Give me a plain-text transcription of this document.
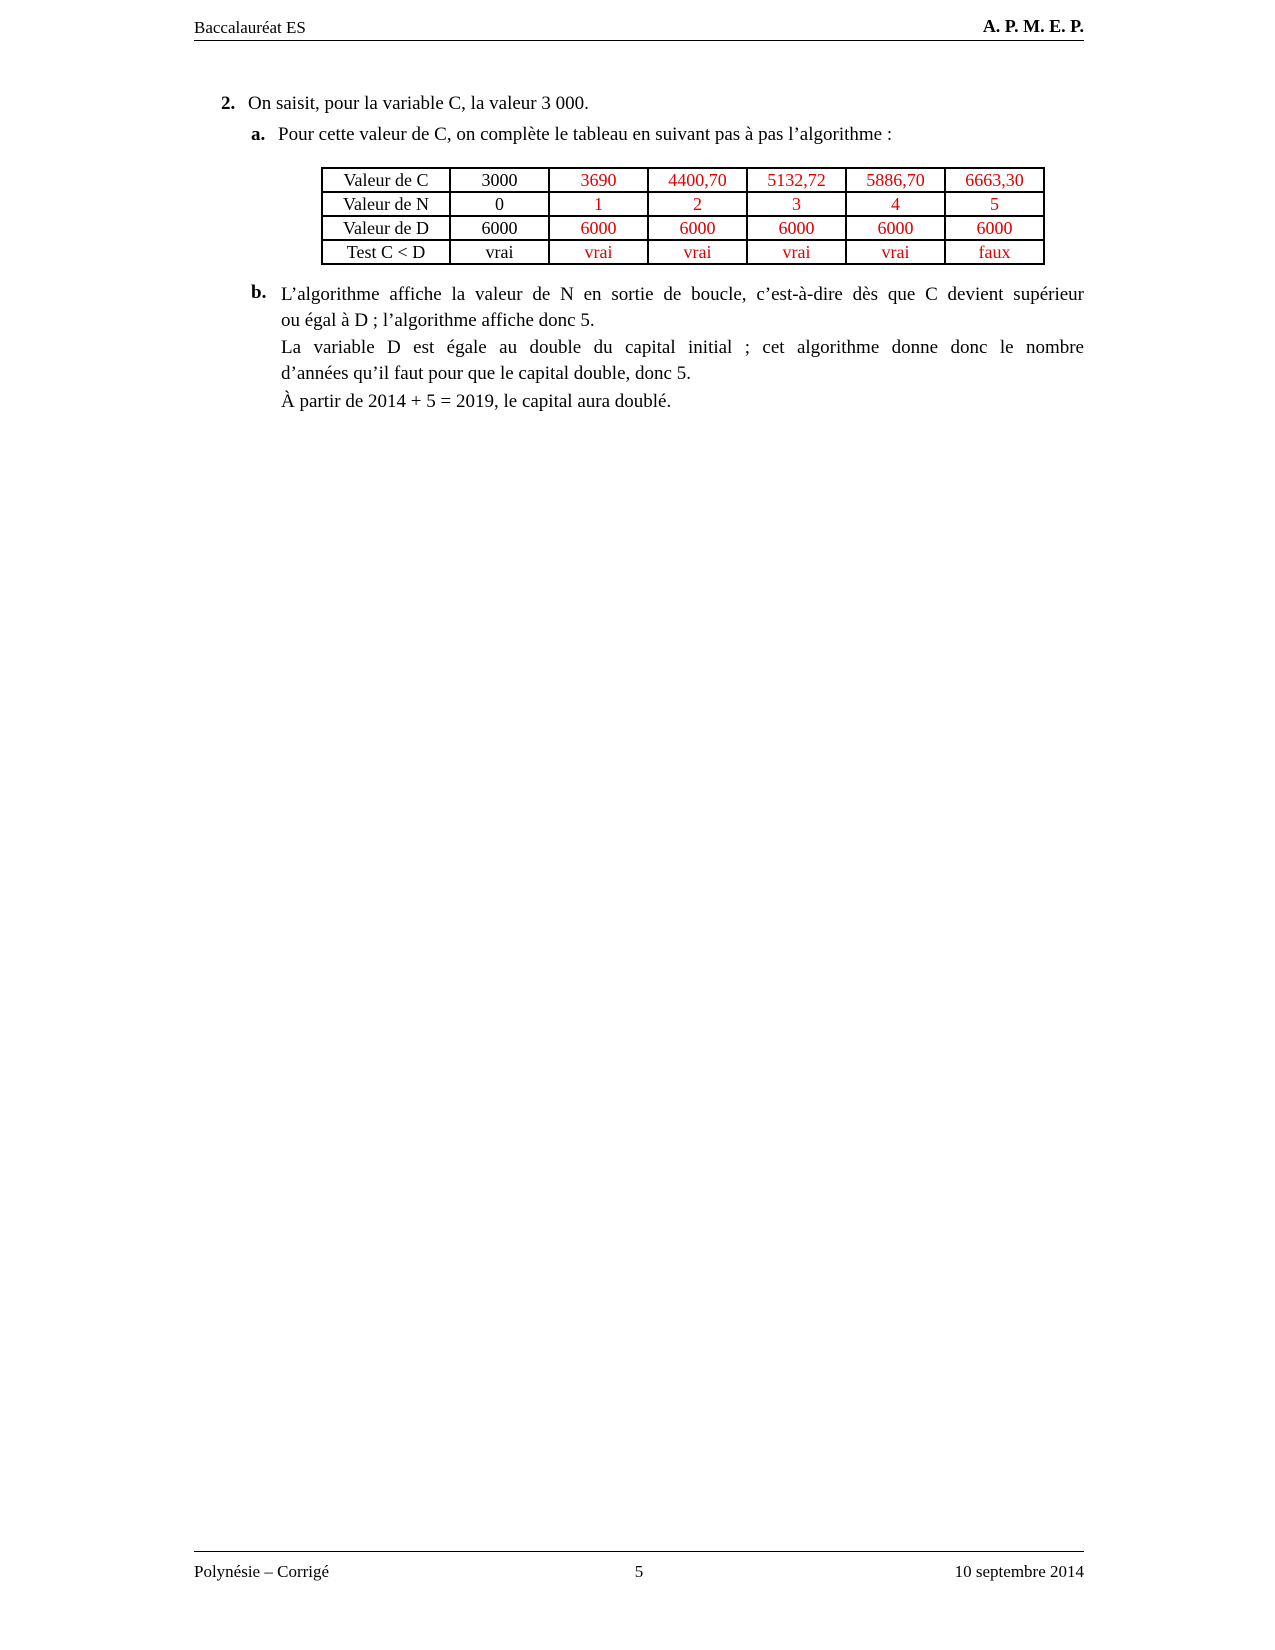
Baccalauréat ES	A. P. M. E. P.
2. On saisit, pour la variable C, la valeur 3 000.
a. Pour cette valeur de C, on complète le tableau en suivant pas à pas l’algorithme :
Valeur de C	3000	3690	4400,70	5132,72	5886,70	6663,30
Valeur de N	0	1	2	3	4	5
Valeur de D	6000	6000	6000	6000	6000	6000
Test C < D	vrai	vrai	vrai	vrai	vrai	faux
b. L’algorithme affiche la valeur de N en sortie de boucle, c’est-à-dire dès que C devient supérieur
ou égal à D ; l’algorithme affiche donc 5.
La variable D est égale au double du capital initial ; cet algorithme donne donc le nombre
d’années qu’il faut pour que le capital double, donc 5.
À partir de 2014 + 5 = 2019, le capital aura doublé.
Polynésie – Corrigé	5	10 septembre 2014
